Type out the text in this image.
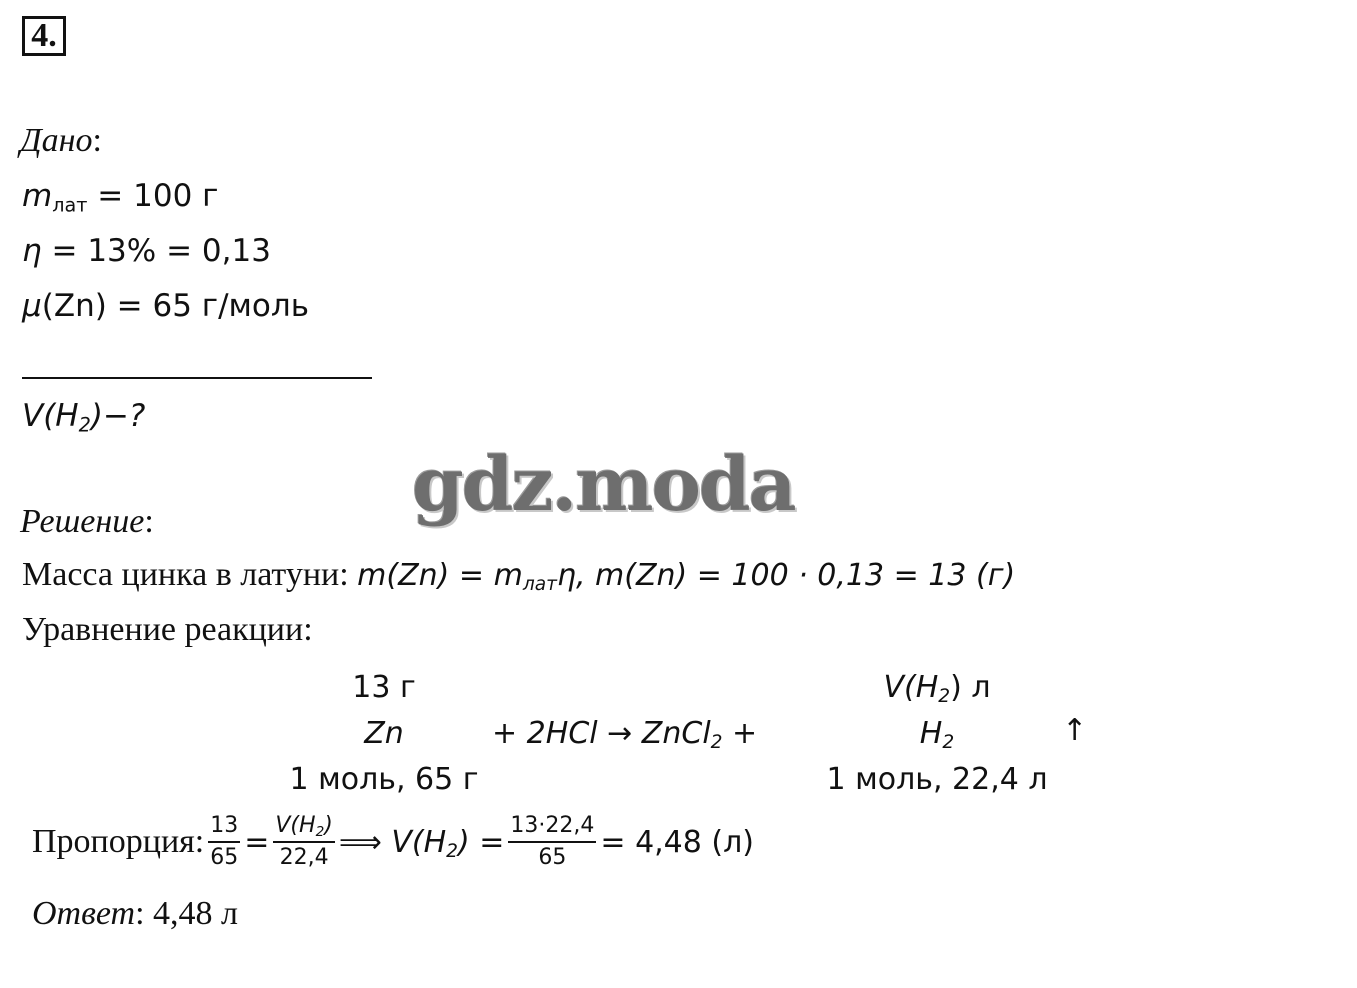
4.
Дано:
$m_{лат} = 100$ г
η = 13% = 0,13
μ(Zn) = 65 г/моль
$V(H_2)-$?
gdz.moda
Решение:
Масса цинка в латуни: $m(Zn) = m_{лат}\eta$, m(Zn) = 100 · 0,13 = 13 (г)
Уравнение реакции:
13 г
Zn
1 моль, 65 г
+ 2HCl → ZnCl$_2$ +
$V(H_2)$ л
$H_2$
1 моль, 22,4 л
↑
Пропорция: $\frac{13}{65} = \frac{V(H_2)}{22,4}$ ⟹ $V(H_2) = \frac{13\cdot 22,4}{65} = 4,48$ (л)
Ответ: 4,48 л
